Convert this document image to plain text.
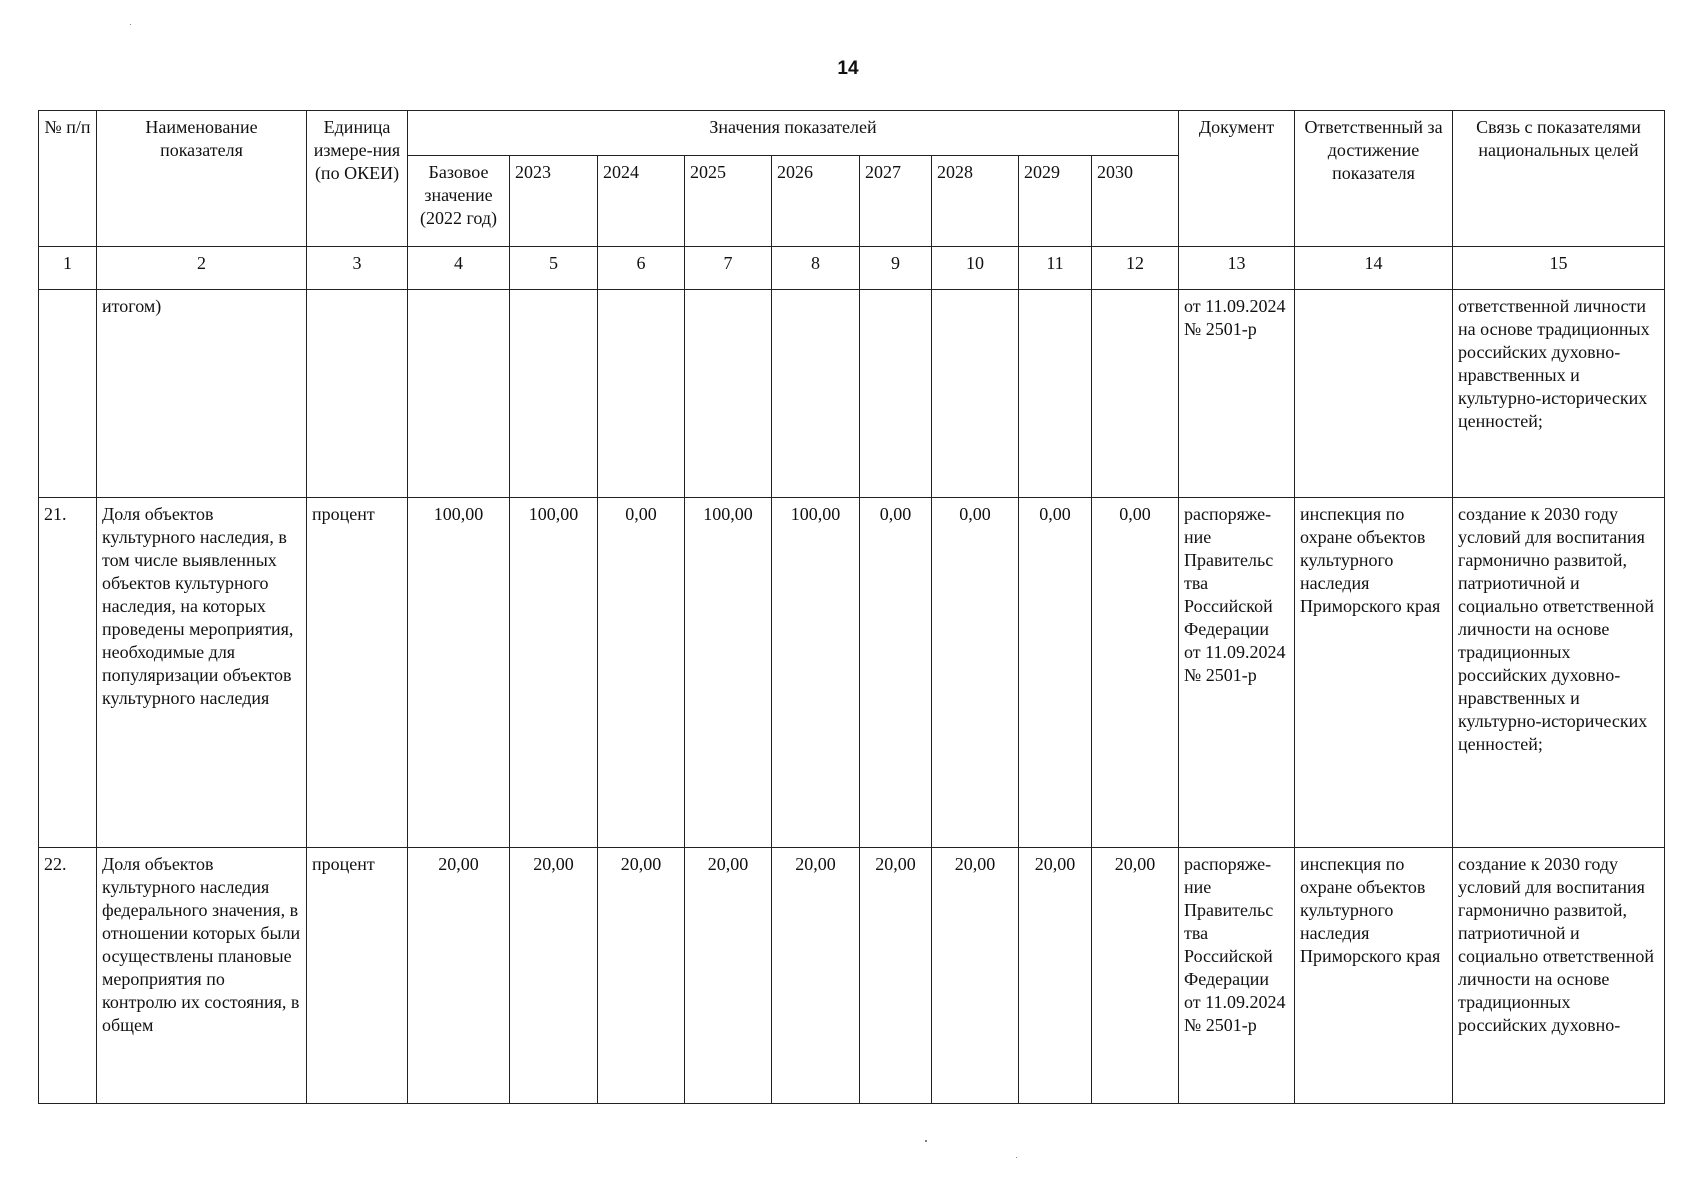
14
№ п/п	Наименование показателя	Единица измере-ния (по ОКЕИ)	Значения показателей									Документ	Ответственный за достижение показателя	Связь с показателями национальных целей
			Базовое значение (2022 год)	2023	2024	2025	2026	2027	2028	2029	2030			
1	2	3	4	5	6	7	8	9	10	11	12	13	14	15
	итогом)											от 11.09.2024 № 2501-р		ответственной личности на основе традиционных российских духовно-нравственных и культурно-исторических ценностей;
21.	Доля объектов культурного наследия, в том числе выявленных объектов культурного наследия, на которых проведены мероприятия, необходимые для популяризации объектов культурного наследия	процент	100,00	100,00	0,00	100,00	100,00	0,00	0,00	0,00	0,00	распоряже-ние Правительс тва Российской Федерации от 11.09.2024 № 2501-р	инспекция по охране объектов культурного наследия Приморского края	создание к 2030 году условий для воспитания гармонично развитой, патриотичной и социально ответственной личности на основе традиционных российских духовно-нравственных и культурно-исторических ценностей;
22.	Доля объектов культурного наследия федерального значения, в отношении которых были осуществлены плановые мероприятия по контролю их состояния, в общем	процент	20,00	20,00	20,00	20,00	20,00	20,00	20,00	20,00	20,00	распоряже-ние Правительс тва Российской Федерации от 11.09.2024 № 2501-р	инспекция по охране объектов культурного наследия Приморского края	создание к 2030 году условий для воспитания гармонично развитой, патриотичной и социально ответственной личности на основе традиционных российских духовно-
